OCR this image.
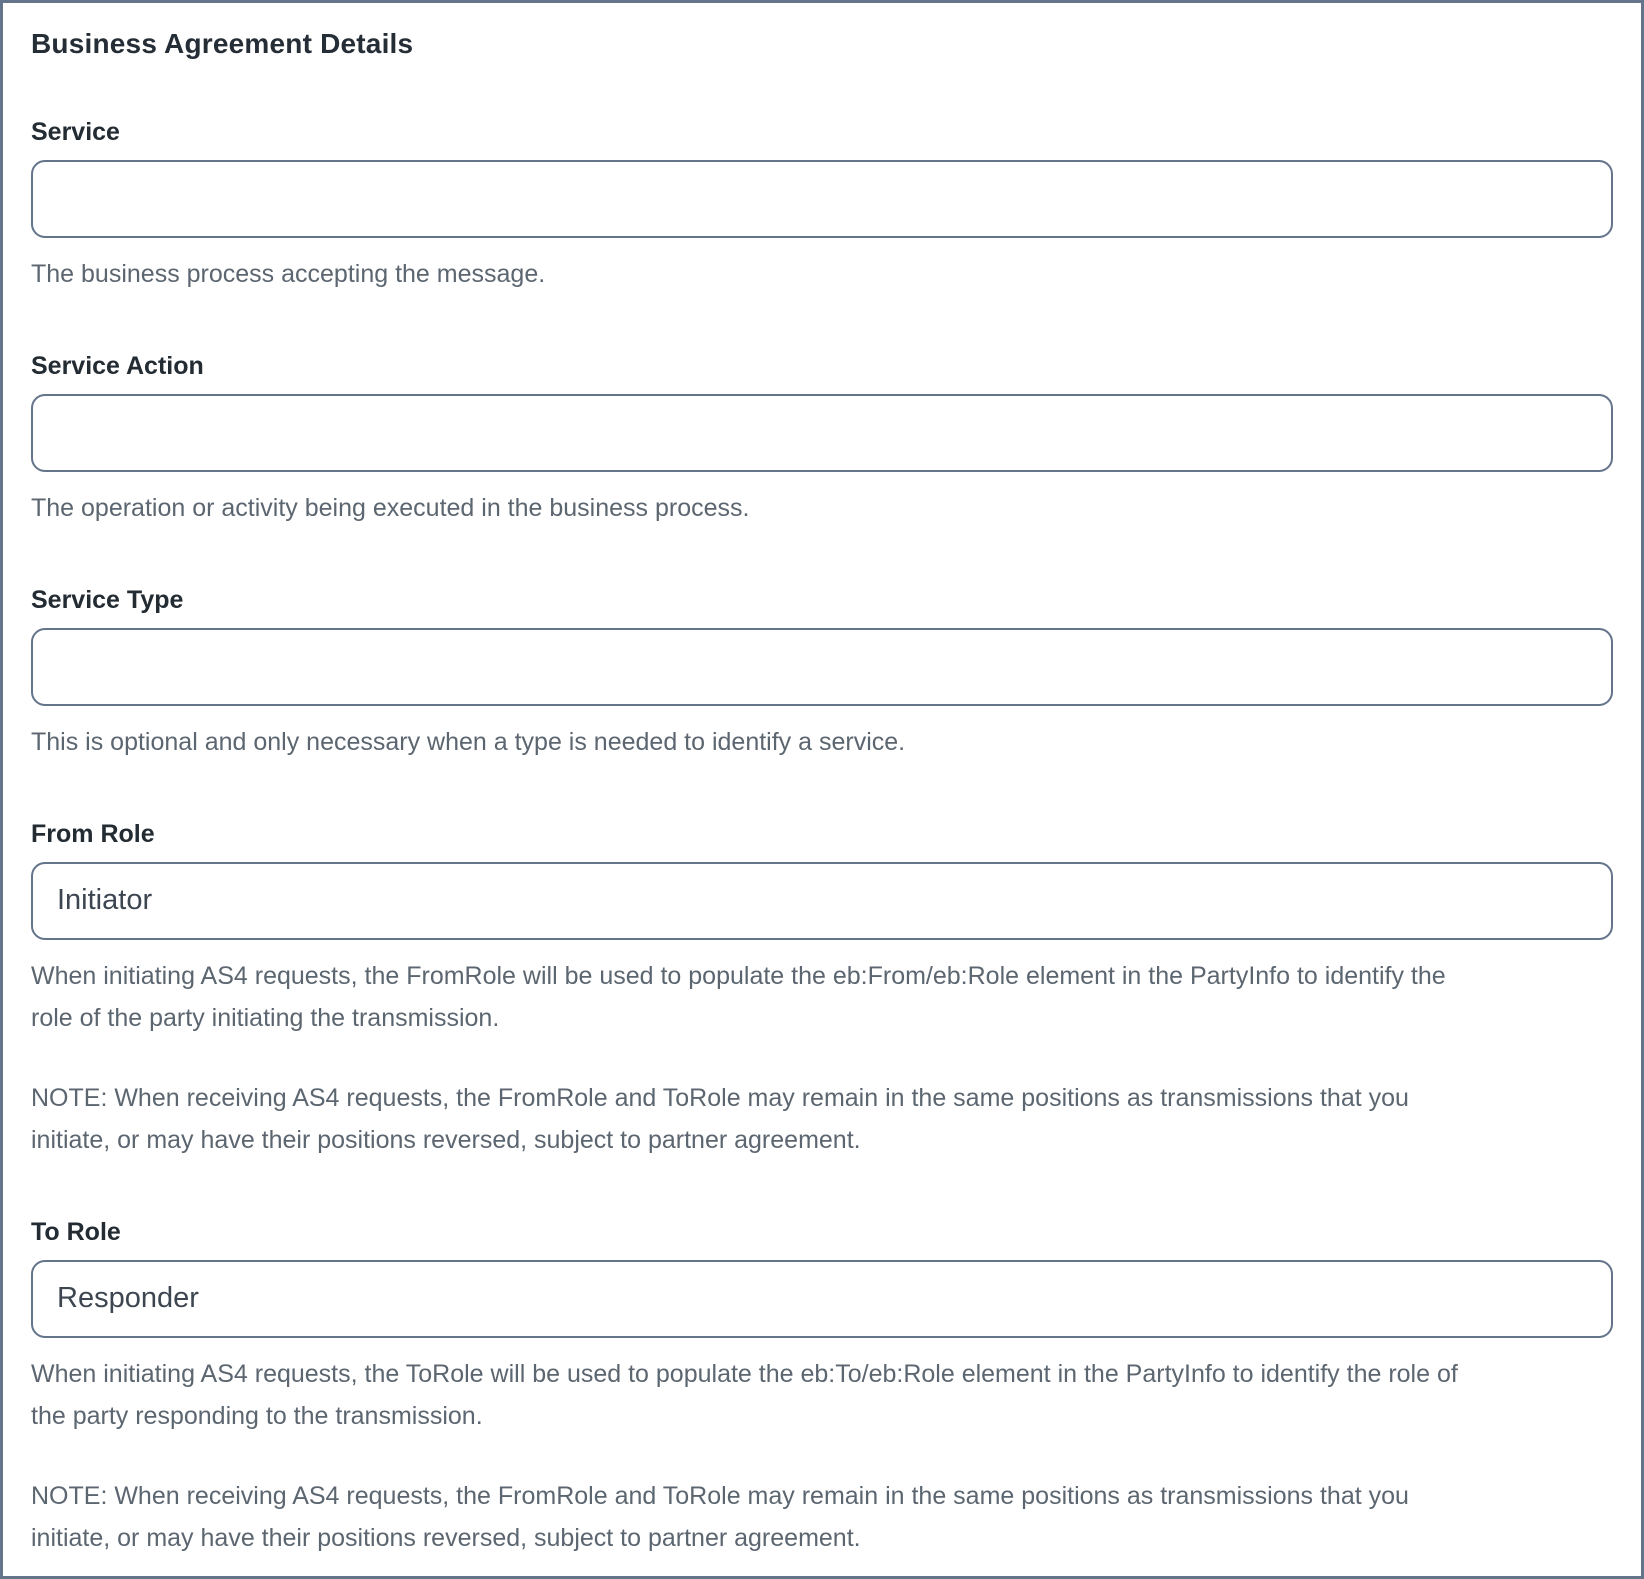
Business Agreement Details
Service

The business process accepting the message.

Service Action

The operation or activity being executed in the business process.

Service Type

This is optional and only necessary when a type is needed to identify a service.

From Role
Initiator

When initiating AS4 requests, the FromRole will be used to populate the eb:From/eb:Role element in the PartyInfo to identify the role of the party initiating the transmission.

NOTE: When receiving AS4 requests, the FromRole and ToRole may remain in the same positions as transmissions that you initiate, or may have their positions reversed, subject to partner agreement.

To Role
Responder

When initiating AS4 requests, the ToRole will be used to populate the eb:To/eb:Role element in the PartyInfo to identify the role of the party responding to the transmission.

NOTE: When receiving AS4 requests, the FromRole and ToRole may remain in the same positions as transmissions that you initiate, or may have their positions reversed, subject to partner agreement.
